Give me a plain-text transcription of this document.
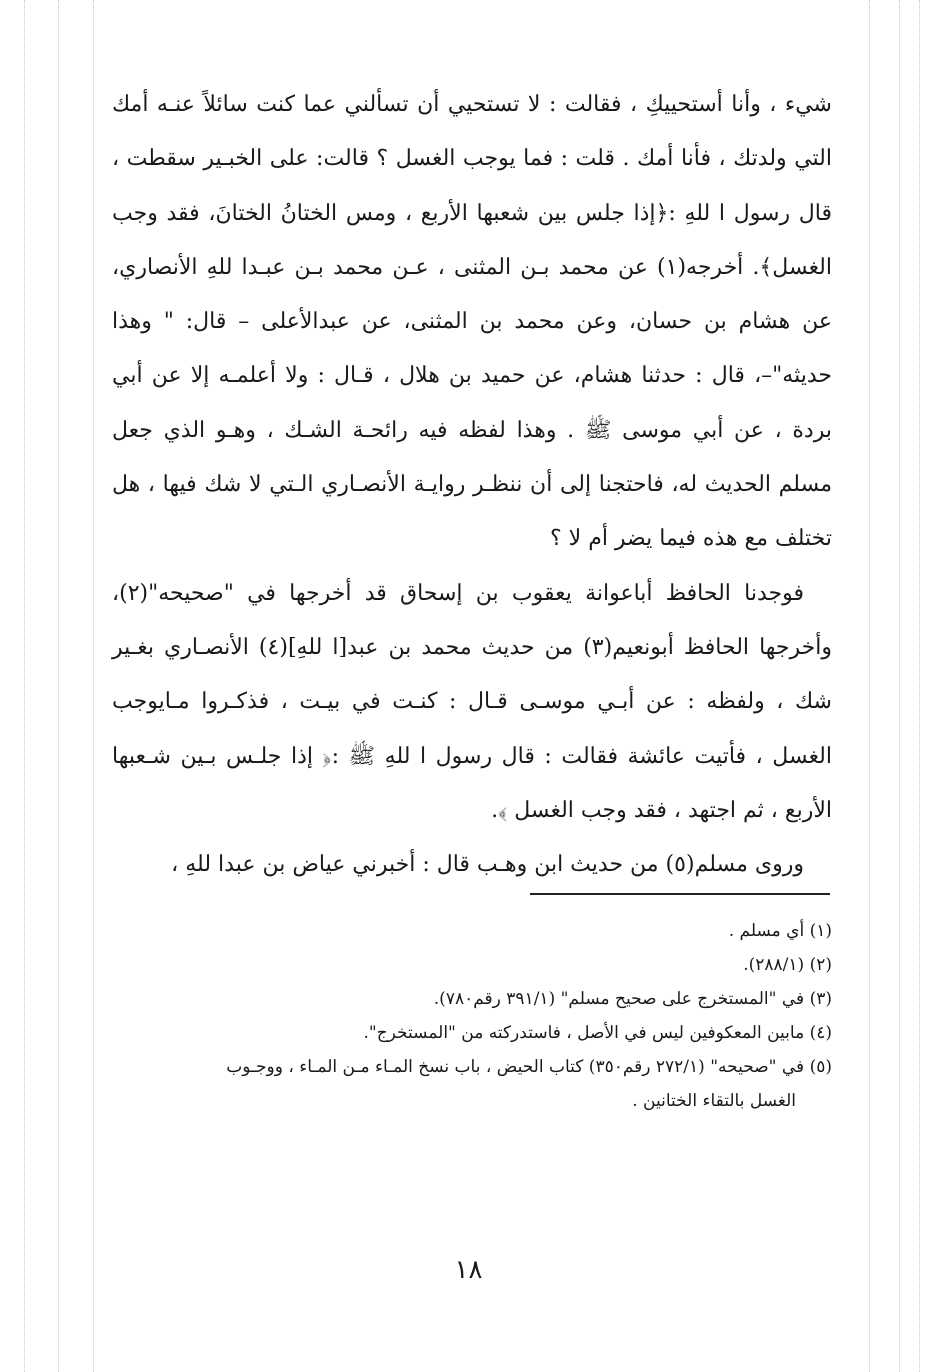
شيء ، وأنا أستحييكِ ، فقالت : لا تستحيي أن تسألني عما كنت سائلاً عنـه أمك التي ولدتك ، فأنا أمك . قلت : فما يوجب الغسل ؟ قالت: على الخبـير سقطت ، قال رسول ا للهِ :﴿إذا جلس بين شعبها الأربع ، ومس الختانُ الختانَ، فقد وجب الغسل﴾. أخرجه(١) عن محمد بـن المثنى ، عـن محمد بـن عبـدا للهِ الأنصاري، عن هشام بن حسان، وعن محمد بن المثنى، عن عبدالأعلى – قال: " وهذا حديثه"–، قال : حدثنا هشام، عن حميد بن هلال ، قـال : ولا أعلمـه إلا عن أبي بردة ، عن أبي موسى ﷺ . وهذا لفظه فيه رائحـة الشـك ، وهـو الذي جعل مسلم الحديث له، فاحتجنا إلى أن ننظـر روايـة الأنصـاري الـتي لا شك فيها ، هل تختلف مع هذه فيما يضر أم لا ؟

فوجدنا الحافظ أباعوانة يعقوب بن إسحاق قد أخرجها في "صحيحه"(٢)، وأخرجها الحافظ أبونعيم(٣) من حديث محمد بن عبد[ا للهِ](٤) الأنصـاري بغـير شك ، ولفظه : عن أبـي موسـى قـال : كنـت في بيـت ، فذكـروا مـايوجب الغسل ، فأتيت عائشة فقالت : قال رسول ا للهِ ﷺ :﴿ إذا جلـس بـين شـعبها الأربع ، ثم اجتهد ، فقد وجب الغسل ﴾.

وروى مسلم(٥) من حديث ابن وهـب قال : أخبرني عياض بن عبدا للهِ ،

(١) أي مسلم .
(٢) (٢٨٨/١).
(٣) في "المستخرج على صحيح مسلم" (٣٩١/١ رقم٧٨٠).
(٤) مابين المعكوفين ليس في الأصل ، فاستدركته من "المستخرج".
(٥) في "صحيحه" (٢٧٢/١ رقم٣٥٠) كتاب الحيض ، باب نسخ المـاء مـن المـاء ، ووجـوب
الغسل بالتقاء الختانين .
١٨
